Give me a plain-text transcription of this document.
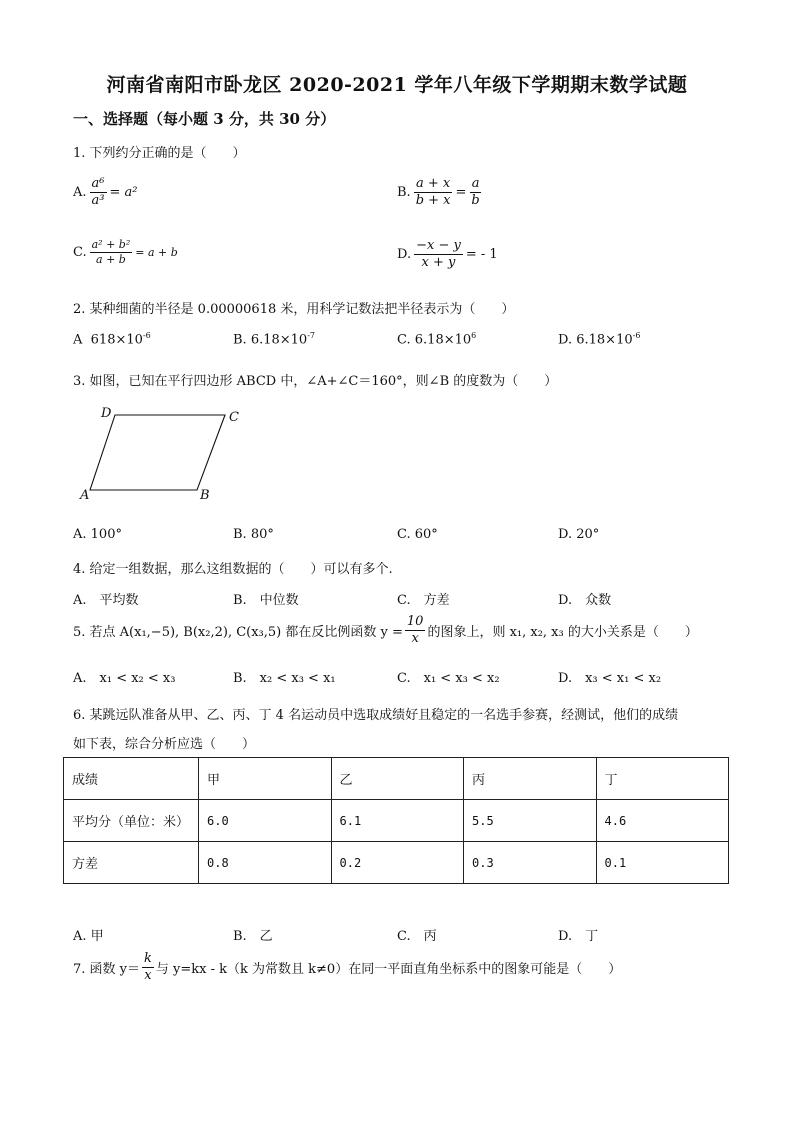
河南省南阳市卧龙区 2020-2021 学年八年级下学期期末数学试题
一、选择题（每小题 3 分，共 30 分）
1. 下列约分正确的是（　　）
A. $\frac{\text{a⁶}}{\text{a³}} = a^2$	B. $\frac{a + x}{b + x} = \frac{a}{b}$
C. $\frac{\text{a² + b²}}{a + b} = a + b$	D. $\frac{-x - y}{x + y}$ = - 1
2. 某种细菌的半径是 0.00000618 米，用科学记数法把半径表示为（　　）
A $618\times 10^{-6}$	B. $6.18\times 10^{-7}$	C. $6.18\times 10^6$	D. $6.18\times 10^{-6}$
3. 如图，已知在平行四边形 ABCD 中，∠A+∠C＝160°，则∠B 的度数为（　　）
A	B
C
D
A. 100°	B. 80°	C. 60°	D. 20°
4. 给定一组数据，那么这组数据的（　　）可以有多个.
A.　平均数	B.　中位数	C.　方差	D.　众数
5. 若点 A(x₁,−5), B(x₂,2), C(x₃,5) 都在反比例函数 $y = \frac{10}{x}$ 的图象上，则 x₁, x₂, x₃ 的大小关系是（　　）
A.　x₁ < x₂ < x₃	B.　x₂ < x₃ < x₁	C.　x₁ < x₃ < x₂	D.　x₃ < x₁ < x₂
6. 某跳远队准备从甲、乙、丙、丁 4 名运动员中选取成绩好且稳定的一名选手参赛，经测试，他们的成绩
如下表，综合分析应选（　　）
成绩	甲	乙	丙	丁
平均分（单位：米）	6.0	6.1	5.5	4.6
方差	0.8	0.2	0.3	0.1
A. 甲	B.　乙	C.　丙	D.　丁
7. 函数 $y= \frac{k}{x}$ 与 y=kx - k（k 为常数且 k≠0）在同一平面直角坐标系中的图象可能是（　　）
